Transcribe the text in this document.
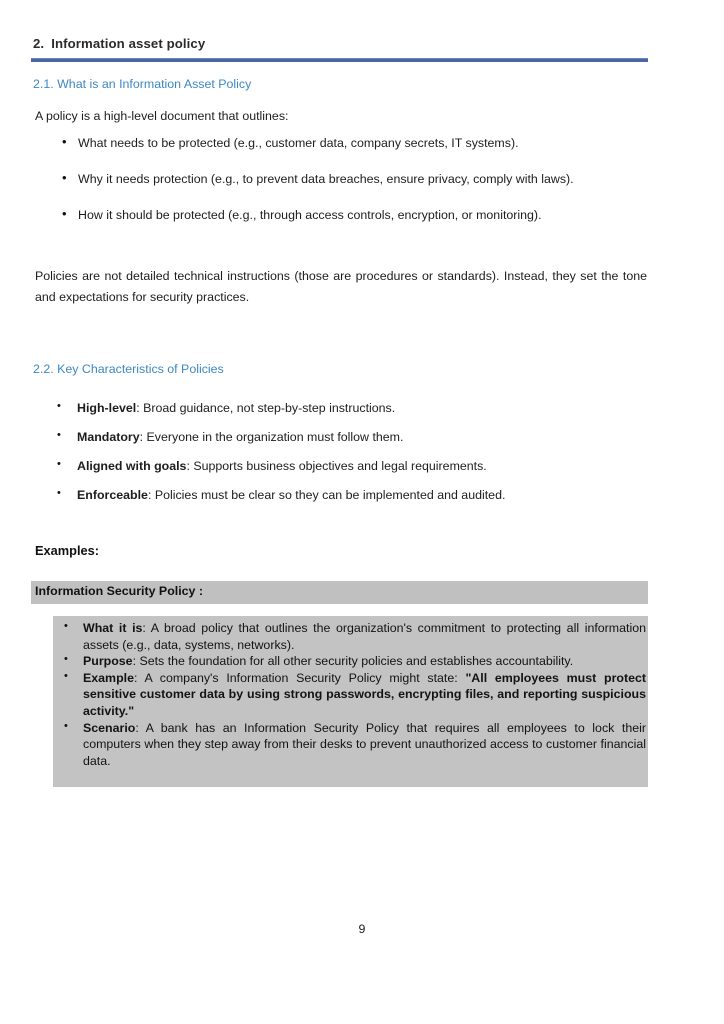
2. Information asset policy
2.1. What is an Information Asset Policy
A policy is a high-level document that outlines:
• What needs to be protected (e.g., customer data, company secrets, IT systems).
• Why it needs protection (e.g., to prevent data breaches, ensure privacy, comply with laws).
• How it should be protected (e.g., through access controls, encryption, or monitoring).
Policies are not detailed technical instructions (those are procedures or standards). Instead, they set the tone and expectations for security practices.
2.2. Key Characteristics of Policies
• High-level: Broad guidance, not step-by-step instructions.
• Mandatory: Everyone in the organization must follow them.
• Aligned with goals: Supports business objectives and legal requirements.
• Enforceable: Policies must be clear so they can be implemented and audited.
Examples:
Information Security Policy :
• What it is: A broad policy that outlines the organization's commitment to protecting all information assets (e.g., data, systems, networks).
• Purpose: Sets the foundation for all other security policies and establishes accountability.
• Example: A company's Information Security Policy might state: "All employees must protect sensitive customer data by using strong passwords, encrypting files, and reporting suspicious activity."
• Scenario: A bank has an Information Security Policy that requires all employees to lock their computers when they step away from their desks to prevent unauthorized access to customer financial data.
9
